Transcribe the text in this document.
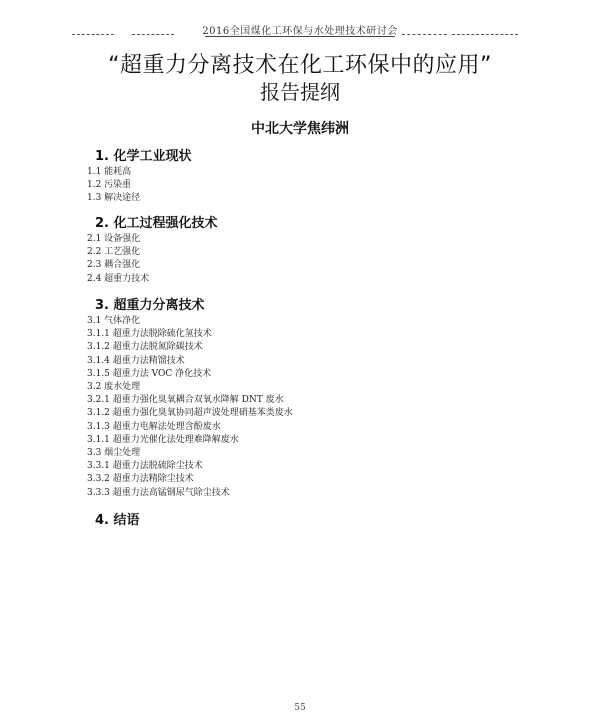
2016全国煤化工环保与水处理技术研讨会
“超重力分离技术在化工环保中的应用”
报告提纲
中北大学焦纬洲
1. 化学工业现状
1.1 能耗高
1.2 污染重
1.3 解决途径
2. 化工过程强化技术
2.1 设备强化
2.2 工艺强化
2.3 耦合强化
2.4 超重力技术
3. 超重力分离技术
3.1 气体净化
3.1.1 超重力法脱除硫化氢技术
3.1.2 超重力法脱氮除碳技术
3.1.4 超重力法精馏技术
3.1.5 超重力法 VOC 净化技术
3.2 废水处理
3.2.1 超重力强化臭氧耦合双氧水降解 DNT 废水
3.1.2 超重力强化臭氧协同超声波处理硝基苯类废水
3.1.3 超重力电解法处理含酚废水
3.1.1 超重力光催化法处理难降解废水
3.3 烟尘处理
3.3.1 超重力法脱硫除尘技术
3.3.2 超重力法精除尘技术
3.3.3 超重力法高锰钢尿气除尘技术
4. 结语
55
